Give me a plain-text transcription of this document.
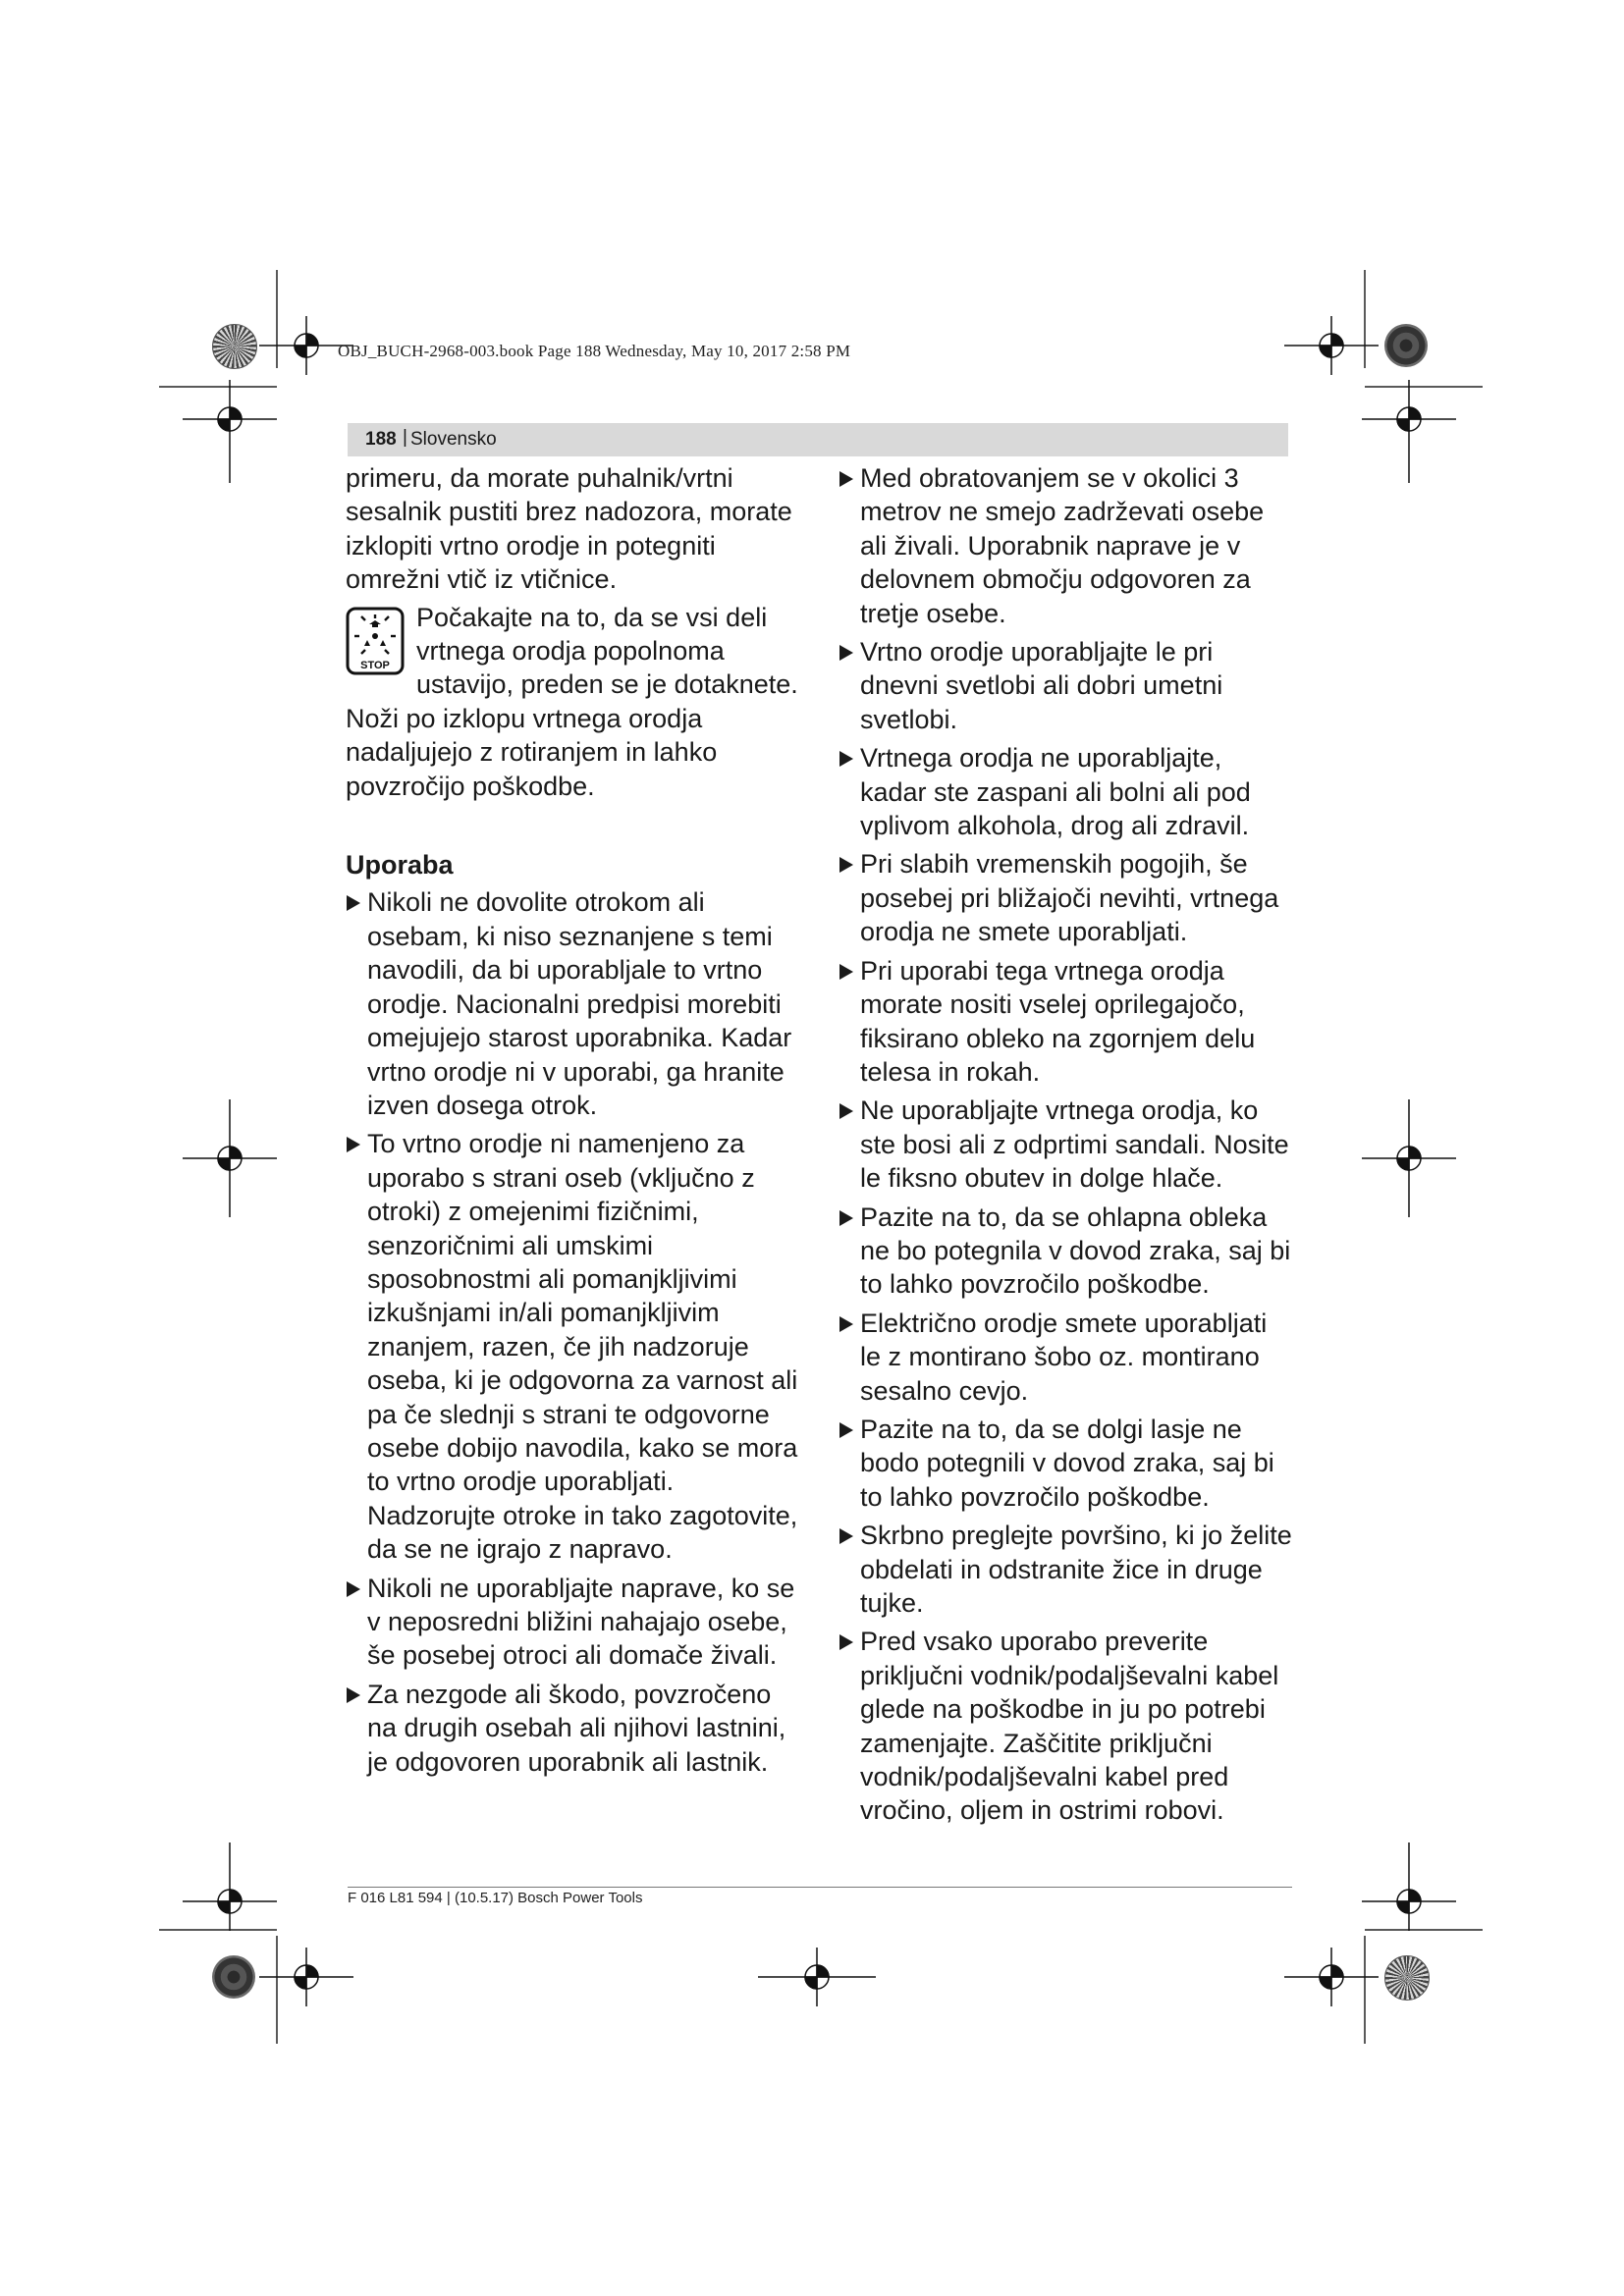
OBJ_BUCH-2968-003.book Page 188 Wednesday, May 10, 2017 2:58 PM
188 | Slovensko

primeru, da morate puhalnik/vrtni sesalnik pustiti brez nadozora, morate izklopiti vrtno orodje in potegniti omrežni vtič iz vtičnice.

STOP

Počakajte na to, da se vsi deli vrtnega orodja popolnoma ustavijo, preden se je dotaknete. Noži po izklopu vrtnega orodja nadaljujejo z rotiranjem in lahko povzročijo poškodbe.

Uporaba
Nikoli ne dovolite otrokom ali osebam, ki niso seznanjene s temi navodili, da bi uporabljale to vrtno orodje. Nacionalni predpisi morebiti omejujejo starost uporabnika. Kadar vrtno orodje ni v uporabi, ga hranite izven dosega otrok.
To vrtno orodje ni namenjeno za uporabo s strani oseb (vključno z otroki) z omejenimi fizičnimi, senzoričnimi ali umskimi sposobnostmi ali pomanjkljivimi izkušnjami in/ali pomanjkljivim znanjem, razen, če jih nadzoruje oseba, ki je odgovorna za varnost ali pa če slednji s strani te odgovorne osebe dobijo navodila, kako se mora to vrtno orodje uporabljati. Nadzorujte otroke in tako zagotovite, da se ne igrajo z napravo.
Nikoli ne uporabljajte naprave, ko se v neposredni bližini nahajajo osebe, še posebej otroci ali domače živali.
Za nezgode ali škodo, povzročeno na drugih osebah ali njihovi lastnini, je odgovoren uporabnik ali lastnik.
Med obratovanjem se v okolici 3 metrov ne smejo zadrževati osebe ali živali. Uporabnik naprave je v delovnem območju odgovoren za tretje osebe.
Vrtno orodje uporabljajte le pri dnevni svetlobi ali dobri umetni svetlobi.
Vrtnega orodja ne uporabljajte, kadar ste zaspani ali bolni ali pod vplivom alkohola, drog ali zdravil.
Pri slabih vremenskih pogojih, še posebej pri bližajoči nevihti, vrtnega orodja ne smete uporabljati.
Pri uporabi tega vrtnega orodja morate nositi vselej oprilegajočo, fiksirano obleko na zgornjem delu telesa in rokah.
Ne uporabljajte vrtnega orodja, ko ste bosi ali z odprtimi sandali. Nosite le fiksno obutev in dolge hlače.
Pazite na to, da se ohlapna obleka ne bo potegnila v dovod zraka, saj bi to lahko povzročilo poškodbe.
Električno orodje smete uporabljati le z montirano šobo oz. montirano sesalno cevjo.
Pazite na to, da se dolgi lasje ne bodo potegnili v dovod zraka, saj bi to lahko povzročilo poškodbe.
Skrbno preglejte površino, ki jo želite obdelati in odstranite žice in druge tujke.
Pred vsako uporabo preverite priključni vodnik/podaljševalni kabel glede na poškodbe in ju po potrebi zamenjajte. Zaščitite priključni vodnik/podaljševalni kabel pred vročino, oljem in ostrimi robovi.
F 016 L81 594 | (10.5.17) Bosch Power Tools
